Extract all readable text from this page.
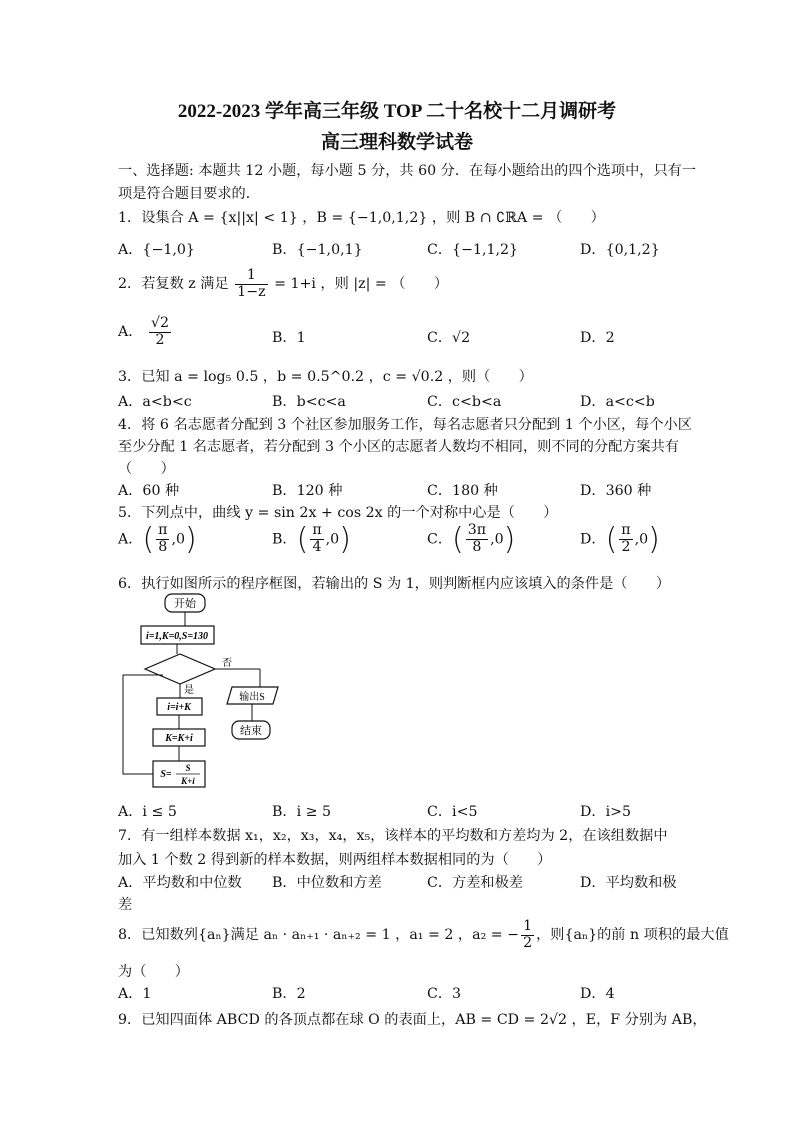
2022-2023 学年高三年级 TOP 二十名校十二月调研考
高三理科数学试卷
一、选择题: 本题共 12 小题，每小题 5 分，共 60 分．在每小题给出的四个选项中，只有一
项是符合题目要求的．
1．设集合 A = {x||x| < 1} ，B = {−1,0,1,2} ，则 B ∩ ∁ℝA = （　　）
A．{−1,0}	B．{−1,0,1}	C．{−1,1,2}	D．{0,1,2}
2．若复数 z 满足 $\frac{1}{1-z} = 1+i$ ，则 |z| = （　　）
A． $\frac{√2}{2}$	B．1	C．√2	D．2
3．已知 a = log₅ 0.5 ，b = 0.5^0.2 ，c = √0.2 ，则（　　）
A．a<b<c	B．b<c<a	C．c<b<a	D．a<c<b
4．将 6 名志愿者分配到 3 个社区参加服务工作，每名志愿者只分配到 1 个小区，每个小区
至少分配 1 名志愿者，若分配到 3 个小区的志愿者人数均不相同，则不同的分配方案共有
（　　）
A．60 种	B．120 种	C．180 种	D．360 种
5．下列点中，曲线 y = sin 2x + cos 2x 的一个对称中心是（　　）
A．( $\frac{\pi}{8} ,0$)	B．( $\frac{\pi}{4} ,0$)	C．( $\frac{3\pi}{8} ,0$)	D．( $\frac{\pi}{2} ,0$)
6．执行如图所示的程序框图，若输出的 S 为 1，则判断框内应该填入的条件是（　　）
开始
i=1,K=0,S=130
否
是
i=i+K
K=K+i
S=
S
K+i
输出S
结束
A．i ≤ 5	B．i ≥ 5	C．i<5	D．i>5
7．有一组样本数据 x₁，x₂，x₃，x₄，x₅，该样本的平均数和方差均为 2，在该组数据中
加入 1 个数 2 得到新的样本数据，则两组样本数据相同的为（　　）
A．平均数和中位数 B．中位数和方差	C．方差和极差	D．平均数和极
差
8．已知数列{aₙ}满足 aₙ · aₙ₊₁ · aₙ₊₂ = 1 ，a₁ = 2 ，a₂ = − $\frac{1}{2}$ ，则{aₙ}的前 n 项积的最大值
为（　　）
A．1	B．2	C．3	D．4
9．已知四面体 ABCD 的各顶点都在球 O 的表面上，AB = CD = 2√2 ，E，F 分别为 AB，
